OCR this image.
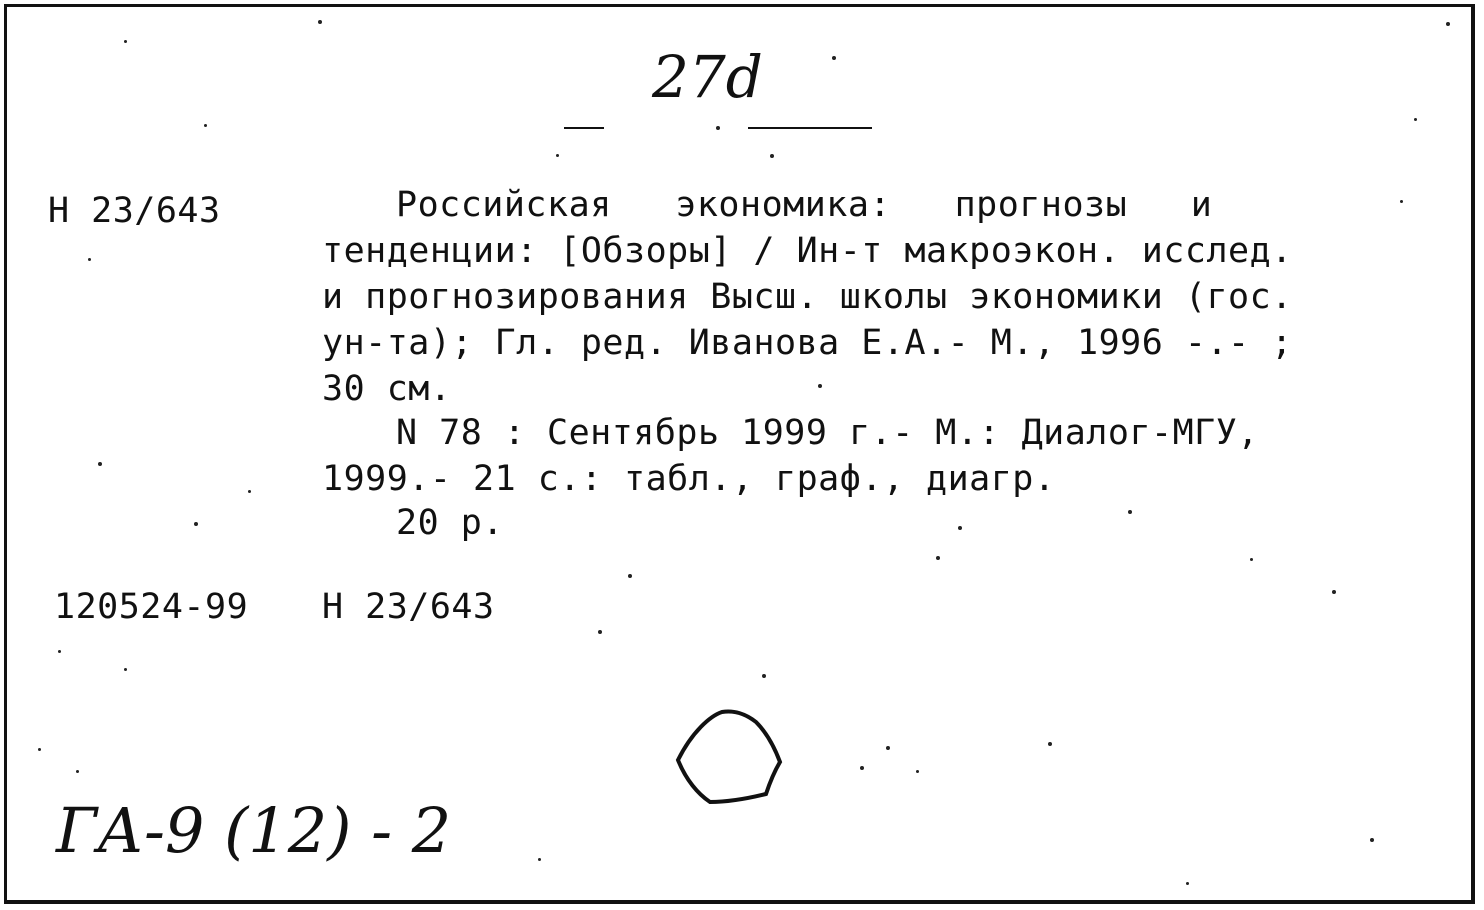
27d
Н 23/643	Российская экономика: прогнозы и
тенденции: [Обзоры] / Ин-т макроэкон. исслед.
и прогнозирования Высш. школы экономики (гос.
ун-та); Гл. ред. Иванова Е.А.- М., 1996 -.- ;
30 см.
N 78 : Сентябрь 1999 г.- М.: Диалог-МГУ,
1999.- 21 с.: табл., граф., диагр.
20 р.
120524-99 Н 23/643
ГА-9 (12) - 2
